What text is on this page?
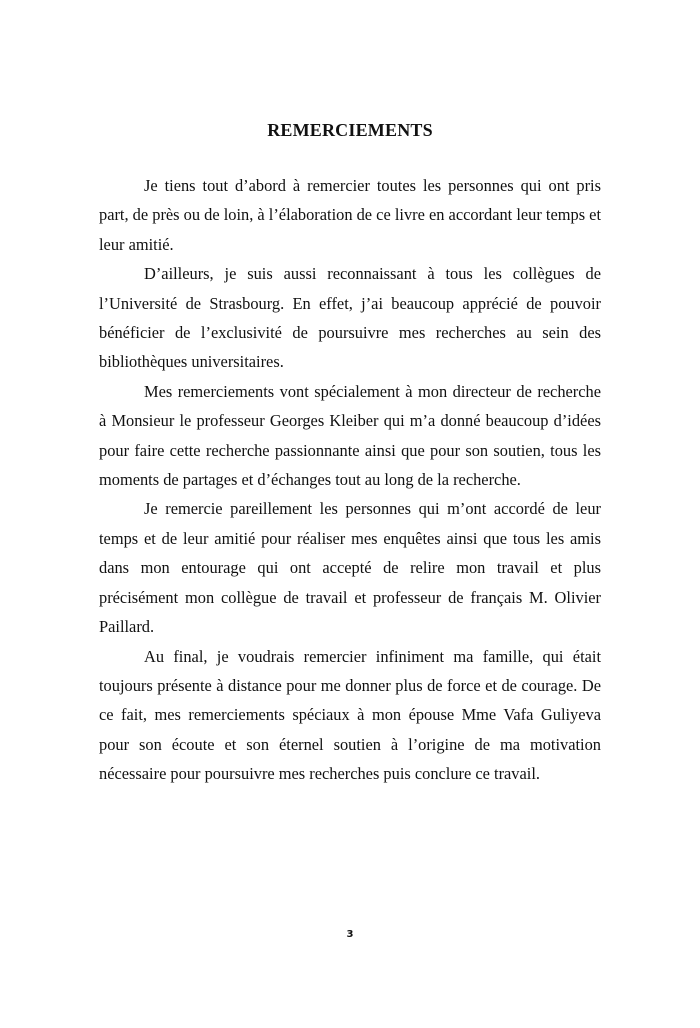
REMERCIEMENTS

Je tiens tout d’abord à remercier toutes les personnes qui ont pris part, de près ou de loin, à l’élaboration de ce livre en accordant leur temps et leur amitié.

D’ailleurs, je suis aussi reconnaissant à tous les collègues de l’Université de Strasbourg. En effet, j’ai beaucoup apprécié de pouvoir bénéficier de l’exclusivité de poursuivre mes recherches au sein des bibliothèques universitaires.

Mes remerciements vont spécialement à mon directeur de recherche à Monsieur le professeur Georges Kleiber qui m’a donné beaucoup d’idées pour faire cette recherche passionnante ainsi que pour son soutien, tous les moments de partages et d’échanges tout au long de la recherche.

Je remercie pareillement les personnes qui m’ont accordé de leur temps et de leur amitié pour réaliser mes enquêtes ainsi que tous les amis dans mon entourage qui ont accepté de relire mon travail et plus précisément mon collègue de travail et professeur de français M. Olivier Paillard.

Au final, je voudrais remercier infiniment ma famille, qui était toujours présente à distance pour me donner plus de force et de courage. De ce fait, mes remerciements spéciaux à mon épouse Mme Vafa Guliyeva pour son écoute et son éternel soutien à l’origine de ma motivation nécessaire pour poursuivre mes recherches puis conclure ce travail.

3
